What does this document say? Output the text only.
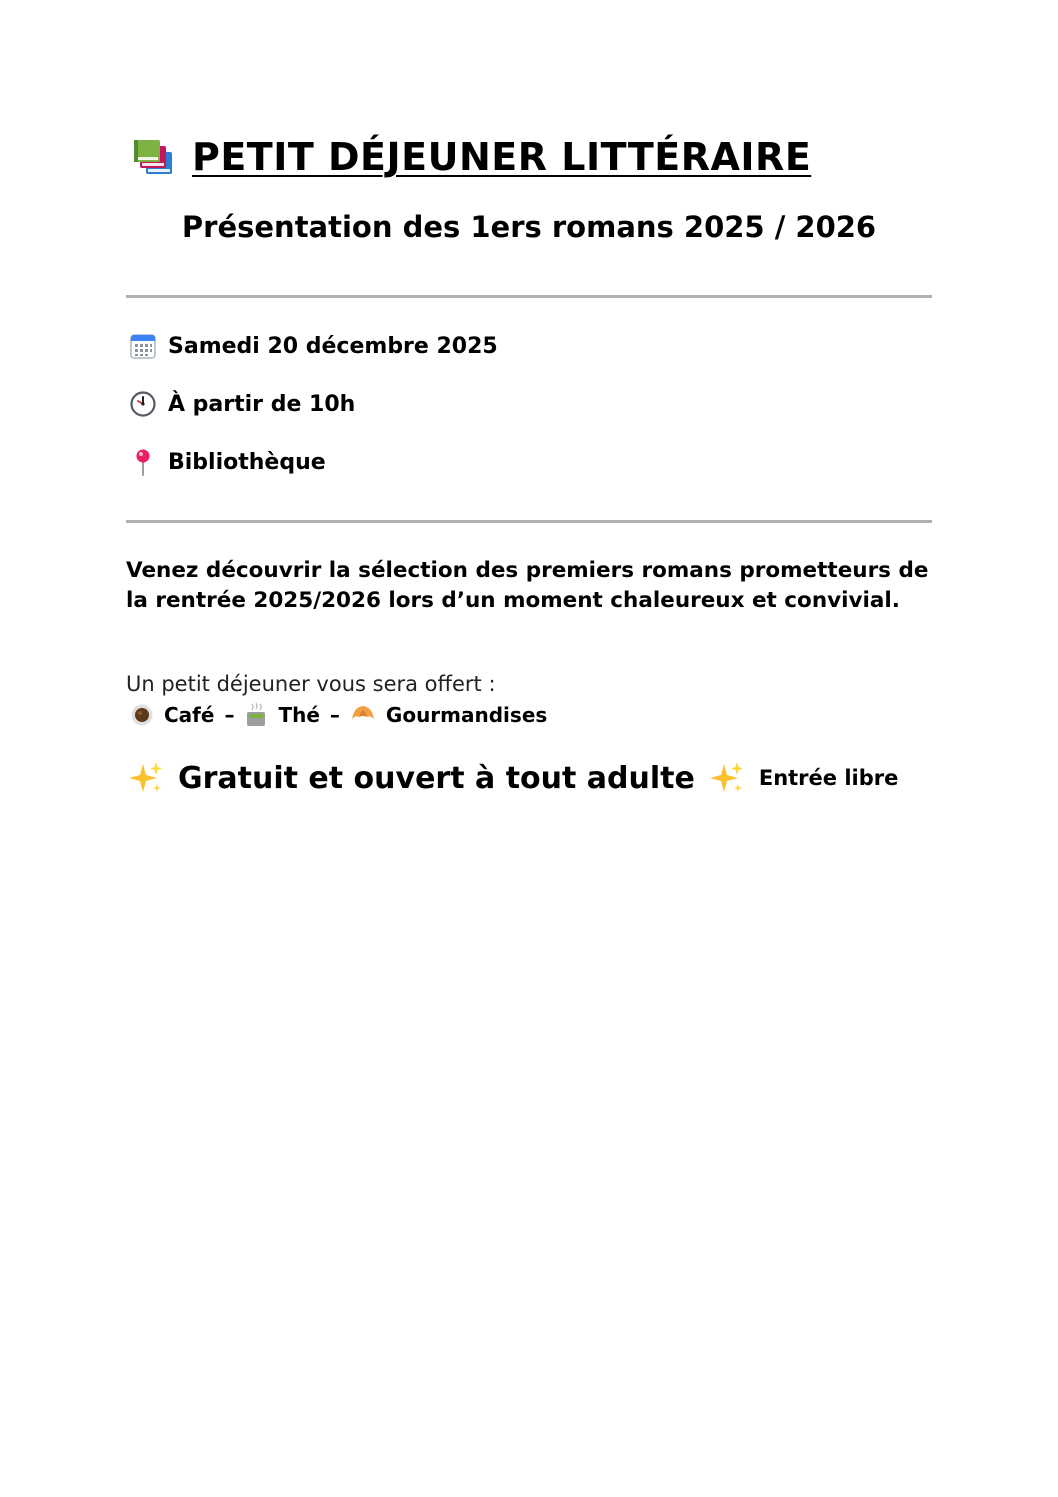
PETIT DÉJEUNER LITTÉRAIRE
Présentation des 1ers romans 2025 / 2026
Samedi 20 décembre 2025
À partir de 10h
Bibliothèque
Venez découvrir la sélection des premiers romans prometteurs de la rentrée 2025/2026 lors d’un moment chaleureux et convivial.
Un petit déjeuner vous sera offert :
Café – Thé – Gourmandises
Gratuit et ouvert à tout adulte	Entrée libre
